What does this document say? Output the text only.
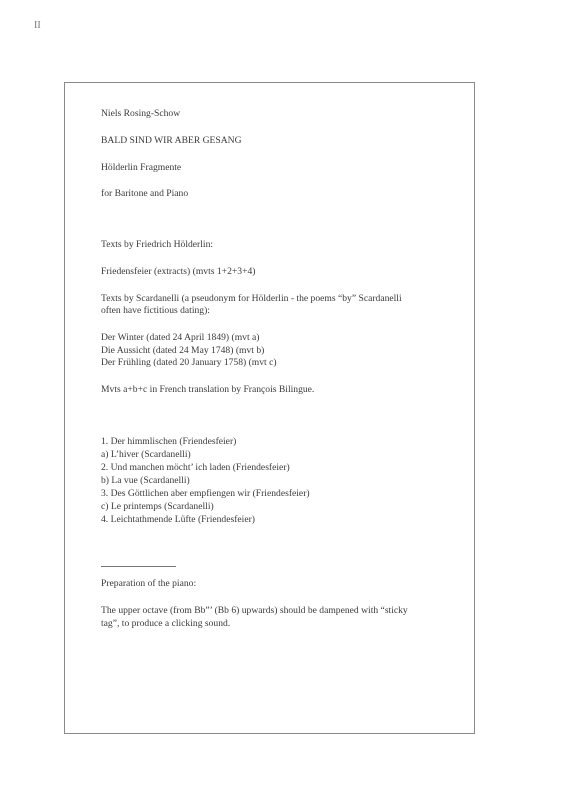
II
Niels Rosing-Schow
BALD SIND WIR ABER GESANG
Hölderlin Fragmente
for Baritone and Piano
Texts by Friedrich Hölderlin:
Friedensfeier (extracts) (mvts 1+2+3+4)
Texts by Scardanelli (a pseudonym for Hölderlin - the poems “by” Scardanelli
often have fictitious dating):
Der Winter (dated 24 April 1849) (mvt a)
Die Aussicht (dated 24 May 1748) (mvt b)
Der Frühling (dated 20 January 1758) (mvt c)
Mvts a+b+c in French translation by François Bilingue.
1. Der himmlischen (Friendesfeier)
a) L’hiver (Scardanelli)
2. Und manchen möcht’ ich laden (Friendesfeier)
b) La vue (Scardanelli)
3. Des Göttlichen aber empfiengen wir (Friendesfeier)
c) Le printemps (Scardanelli)
4. Leichtathmende Lüfte (Friendesfeier)
Preparation of the piano:
The upper octave (from Bb”’ (Bb 6) upwards) should be dampened with “sticky
tag”, to produce a clicking sound.
